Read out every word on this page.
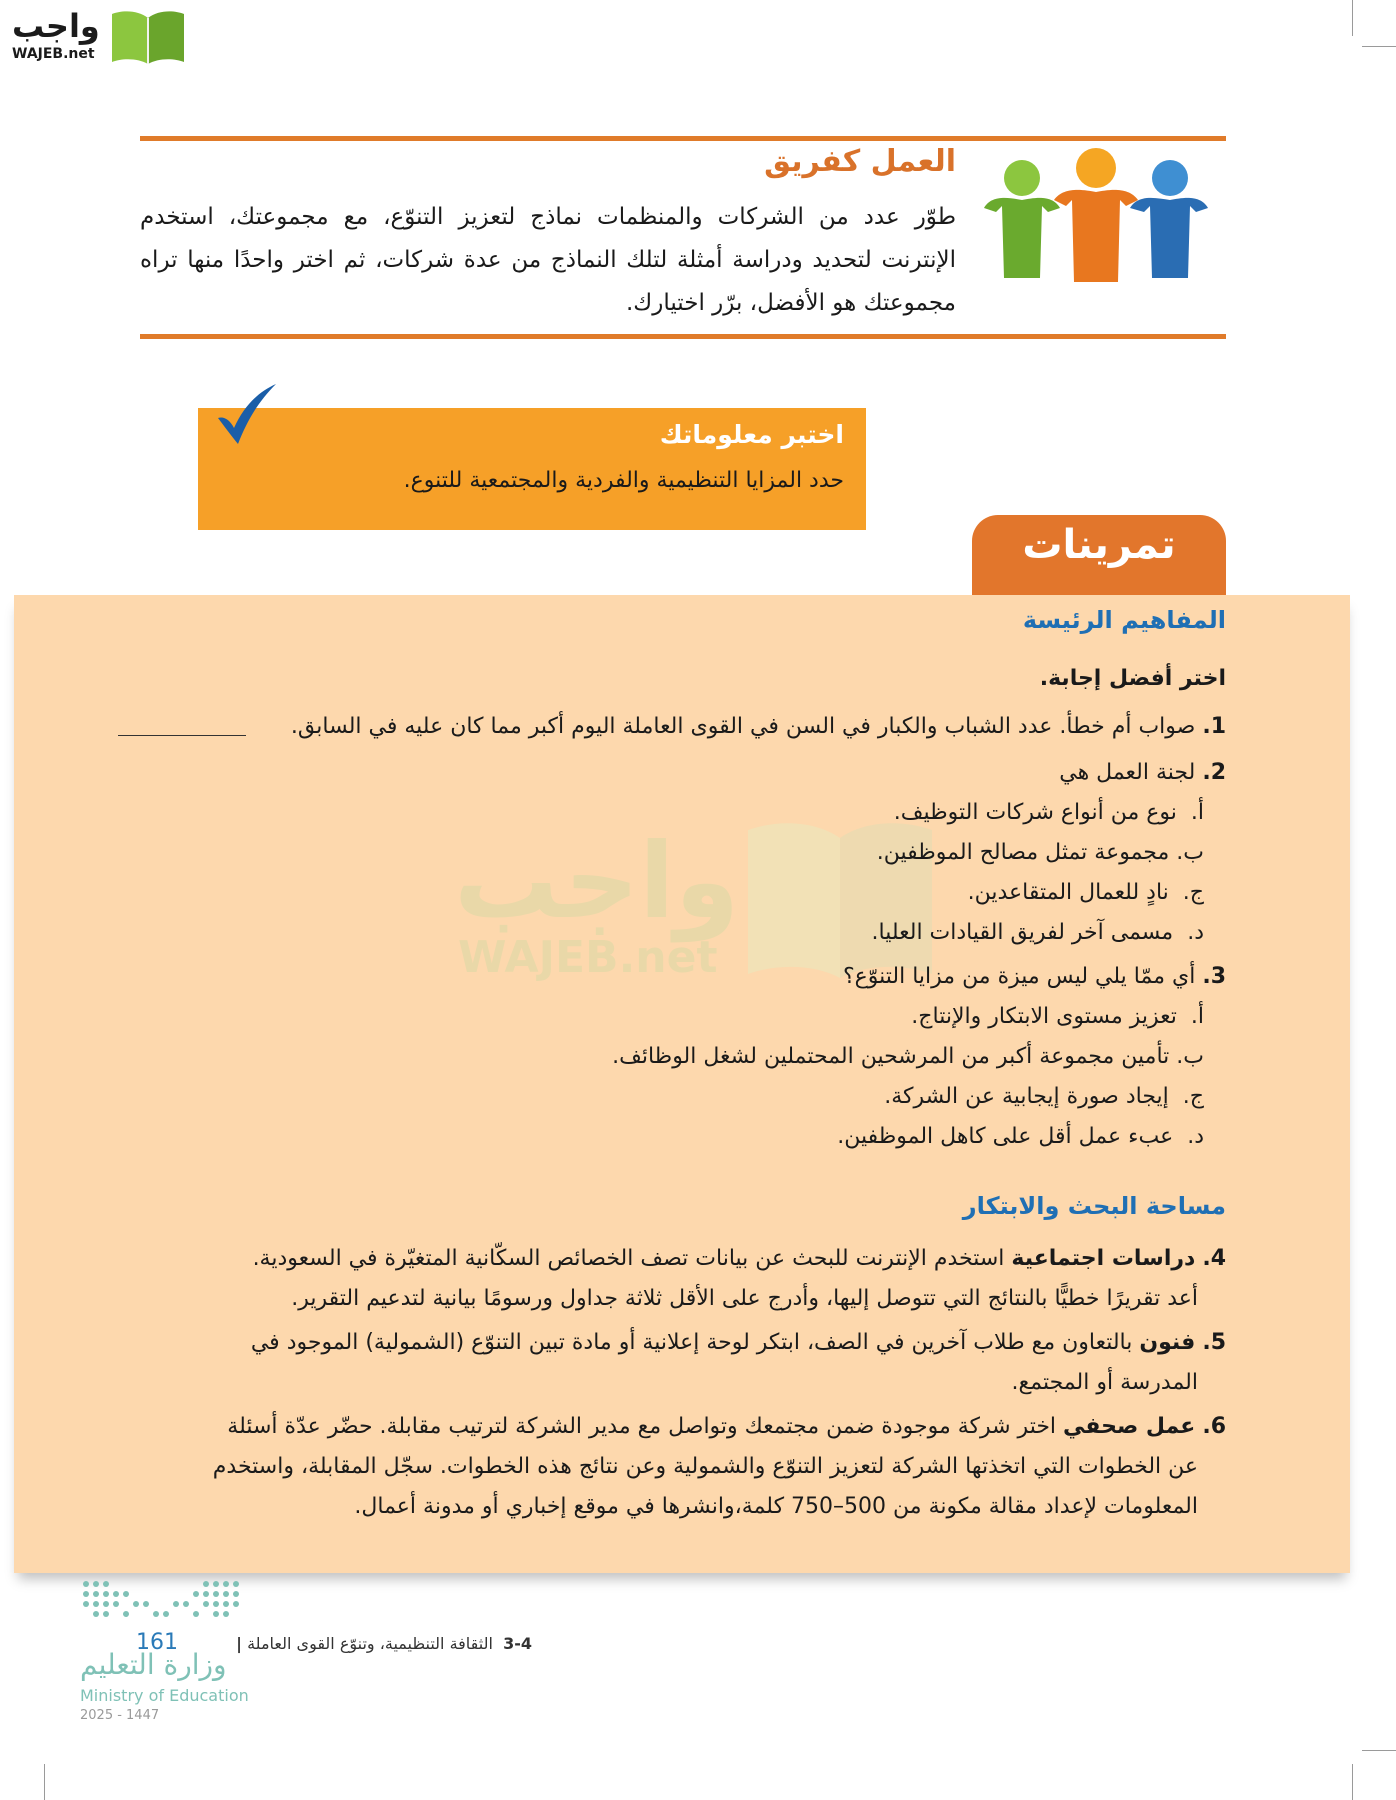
واجب
WAJEB.net
العمل كفريق
طوّر عدد من الشركات والمنظمات نماذج لتعزيز التنوّع، مع مجموعتك، استخدم الإنترنت لتحديد ودراسة أمثلة لتلك النماذج من عدة شركات، ثم اختر واحدًا منها تراه مجموعتك هو الأفضل، برّر اختيارك.
اختبر معلوماتك
حدد المزايا التنظيمية والفردية والمجتمعية للتنوع.
تمرينات
واجب
WAJEB.net
المفاهيم الرئيسة
اختر أفضل إجابة.
1. صواب أم خطأ. عدد الشباب والكبار في السن في القوى العاملة اليوم أكبر مما كان عليه في السابق.
2. لجنة العمل هي
أ.  نوع من أنواع شركات التوظيف.
ب. مجموعة تمثل مصالح الموظفين.
ج.  نادٍ للعمال المتقاعدين.
د.  مسمى آخر لفريق القيادات العليا.
3. أي ممّا يلي ليس ميزة من مزايا التنوّع؟
أ.  تعزيز مستوى الابتكار والإنتاج.
ب. تأمين مجموعة أكبر من المرشحين المحتملين لشغل الوظائف.
ج.  إيجاد صورة إيجابية عن الشركة.
د.  عبء عمل أقل على كاهل الموظفين.
مساحة البحث والابتكار
4. دراسات اجتماعية استخدم الإنترنت للبحث عن بيانات تصف الخصائص السكّانية المتغيّرة في السعودية.
أعد تقريرًا خطيًّا بالنتائج التي تتوصل إليها، وأدرج على الأقل ثلاثة جداول ورسومًا بيانية لتدعيم التقرير.
5. فنون بالتعاون مع طلاب آخرين في الصف، ابتكر لوحة إعلانية أو مادة تبين التنوّع (الشمولية) الموجود في
المدرسة أو المجتمع.
6. عمل صحفي اختر شركة موجودة ضمن مجتمعك وتواصل مع مدير الشركة لترتيب مقابلة. حضّر عدّة أسئلة
عن الخطوات التي اتخذتها الشركة لتعزيز التنوّع والشمولية وعن نتائج هذه الخطوات. سجّل المقابلة، واستخدم
المعلومات لإعداد مقالة مكونة من 500–750 كلمة،وانشرها في موقع إخباري أو مدونة أعمال.
3-4  الثقافة التنظيمية، وتنوّع القوى العاملة |
161
وزارة التعليم
Ministry of Education
2025 - 1447
